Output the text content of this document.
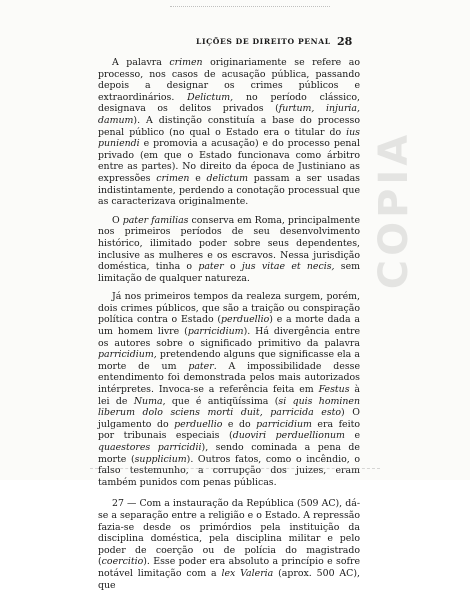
LIÇÕES DE DIREITO PENAL 28
COPIA

A palavra crimen originariamente se refere ao processo, nos casos de acusação pública, passando depois a designar os crimes públicos e extraordinários. Delictum, no período clássico, designava os delitos privados (furtum, injuria, damum). A distinção constituía a base do processo penal público (no qual o Estado era o titular do ius puniendi e promovia a acusação) e do processo penal privado (em que o Estado funcionava como árbitro entre as partes). No direito da época de Justiniano as expressões crimen e delictum passam a ser usadas indistintamente, perdendo a conotação processual que as caracterizava originalmente.

O pater familias conserva em Roma, principalmente nos primeiros períodos de seu desenvolvimento histórico, ilimitado poder sobre seus dependentes, inclusive as mulheres e os escravos. Nessa jurisdição doméstica, tinha o pater o jus vitae et necis, sem limitação de qualquer natureza.

Já nos primeiros tempos da realeza surgem, porém, dois crimes públicos, que são a traição ou conspiração política contra o Estado (perduellio) e a morte dada a um homem livre (parricidium). Há divergência entre os autores sobre o significado primitivo da palavra parricidium, pretendendo alguns que significasse ela a morte de um pater. A impossibilidade desse entendimento foi demonstrada pelos mais autorizados intérpretes. Invoca-se a referência feita em Festus à lei de Numa, que é antiqüíssima (si quis hominen liberum dolo sciens morti duit, parricida esto) O julgamento do perduellio e do parricidium era feito por tribunais especiais (duoviri perduellionum e quaestores parricidii), sendo cominada a pena de morte (supplicium). Outros fatos, como o incêndio, o falso testemunho, a corrupção dos juizes, eram também punidos com penas públicas.

27 — Com a instauração da República (509 AC), dá-se a separação entre a religião e o Estado. A repressão fazia-se desde os primórdios pela instituição da disciplina doméstica, pela disciplina militar e pelo poder de coerção ou de polícia do magistrado (coercitio). Esse poder era absoluto a princípio e sofre notável limitação com a lex Valeria (aprox. 500 AC), que
